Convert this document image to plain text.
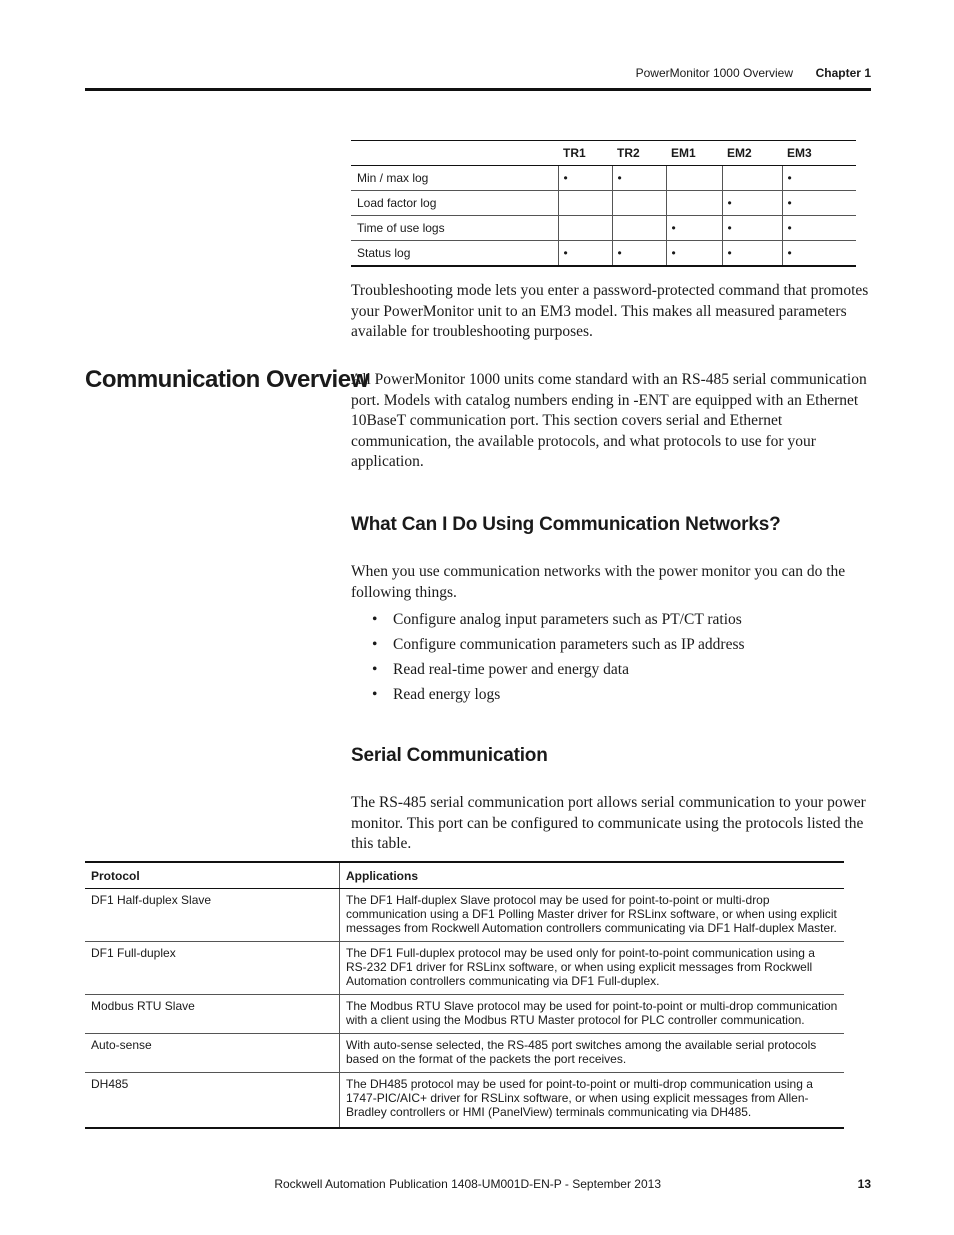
PowerMonitor 1000 Overview Chapter 1
	TR1	TR2	EM1	EM2	EM3
Min / max log	•	•			•
Load factor log				•	•
Time of use logs			•	•	•
Status log	•	•	•	•	•

Troubleshooting mode lets you enter a password-protected command that promotes your PowerMonitor unit to an EM3 model. This makes all measured parameters available for troubleshooting purposes.

Communication Overview

All PowerMonitor 1000 units come standard with an RS-485 serial communication port. Models with catalog numbers ending in -ENT are equipped with an Ethernet 10BaseT communication port. This section covers serial and Ethernet communication, the available protocols, and what protocols to use for your application.

What Can I Do Using Communication Networks?

When you use communication networks with the power monitor you can do the following things.

• Configure analog input parameters such as PT/CT ratios
• Configure communication parameters such as IP address
• Read real-time power and energy data
• Read energy logs
Serial Communication

The RS-485 serial communication port allows serial communication to your power monitor. This port can be configured to communicate using the protocols listed the this table.

Protocol	Applications
DF1 Half-duplex Slave	The DF1 Half-duplex Slave protocol may be used for point-to-point or multi-drop communication using a DF1 Polling Master driver for RSLinx software, or when using explicit messages from Rockwell Automation controllers communicating via DF1 Half-duplex Master.
DF1 Full-duplex	The DF1 Full-duplex protocol may be used only for point-to-point communication using a RS-232 DF1 driver for RSLinx software, or when using explicit messages from Rockwell Automation controllers communicating via DF1 Full-duplex.
Modbus RTU Slave	The Modbus RTU Slave protocol may be used for point-to-point or multi-drop communication with a client using the Modbus RTU Master protocol for PLC controller communication.
Auto-sense	With auto-sense selected, the RS-485 port switches among the available serial protocols based on the format of the packets the port receives.
DH485	The DH485 protocol may be used for point-to-point or multi-drop communication using a 1747-PIC/AIC+ driver for RSLinx software, or when using explicit messages from Allen-Bradley controllers or HMI (PanelView) terminals communicating via DH485.
Rockwell Automation Publication 1408-UM001D-EN-P - September 2013	13
